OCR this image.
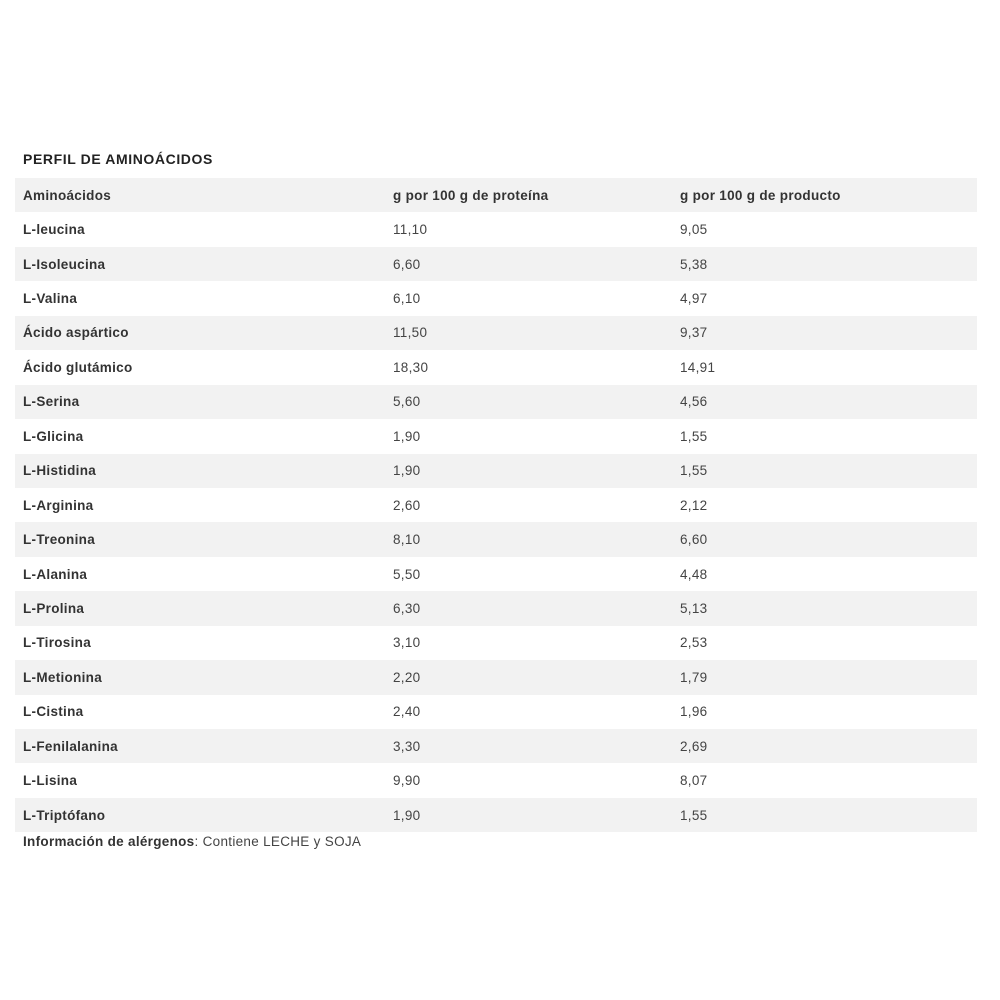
PERFIL DE AMINOÁCIDOS
Aminoácidos	g por 100 g de proteína	g por 100 g de producto
L-leucina	11,10	9,05
L-Isoleucina	6,60	5,38
L-Valina	6,10	4,97
Ácido aspártico	11,50	9,37
Ácido glutámico	18,30	14,91
L-Serina	5,60	4,56
L-Glicina	1,90	1,55
L-Histidina	1,90	1,55
L-Arginina	2,60	2,12
L-Treonina	8,10	6,60
L-Alanina	5,50	4,48
L-Prolina	6,30	5,13
L-Tirosina	3,10	2,53
L-Metionina	2,20	1,79
L-Cistina	2,40	1,96
L-Fenilalanina	3,30	2,69
L-Lisina	9,90	8,07
L-Triptófano	1,90	1,55
Información de alérgenos: Contiene LECHE y SOJA
